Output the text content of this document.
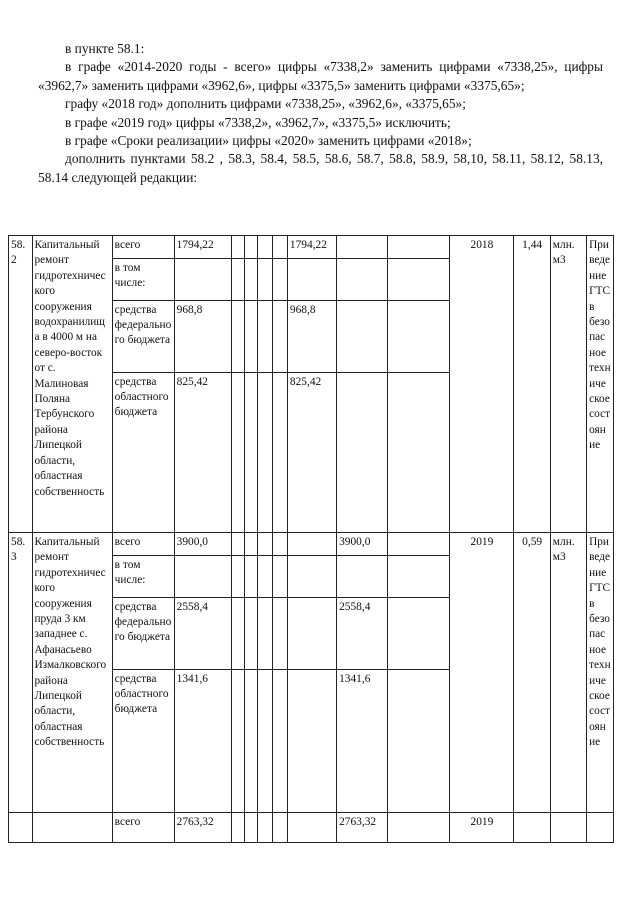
в пункте 58.1:

в графе «2014-2020 годы - всего» цифры «7338,2» заменить цифрами «7338,25», цифры «3962,7» заменить цифрами «3962,6», цифры «3375,5» заменить цифрами «3375,65»;

графу «2018 год» дополнить цифрами «7338,25», «3962,6», «3375,65»;

в графе «2019 год» цифры «7338,2», «3962,7», «3375,5» исключить;

в графе «Сроки реализации» цифры «2020» заменить цифрами «2018»;

дополнить пунктами 58.2 , 58.3, 58.4, 58.5, 58.6, 58.7, 58.8, 58.9, 58,10, 58.11, 58.12, 58.13, 58.14 следующей редакции:

58.2	Капитальный ремонт гидротехнического сооружения водохранилища в 4000 м на северо-восток от с. Малиновая Поляна Тербунского района Липецкой области, областная собственность	всего	1794,22					1794,22			2018	1,44	млн. м3	Приведение ГТС в безопасное техническое состояние
		в том числе:												
		средства федерального бюджета	968,8					968,8						
		средства областного бюджета	825,42					825,42						
58.3	Капитальный ремонт гидротехнического сооружения пруда 3 км западнее с. Афанасьево Измалковского района Липецкой области, областная собственность	всего	3900,0						3900,0		2019	0,59	млн. м3	Приведение ГТС в безопасное техническое состояние
		в том числе:												
		средства федерального бюджета	2558,4						2558,4					
		средства областного бюджета	1341,6						1341,6					
		всего	2763,32						2763,32		2019			
